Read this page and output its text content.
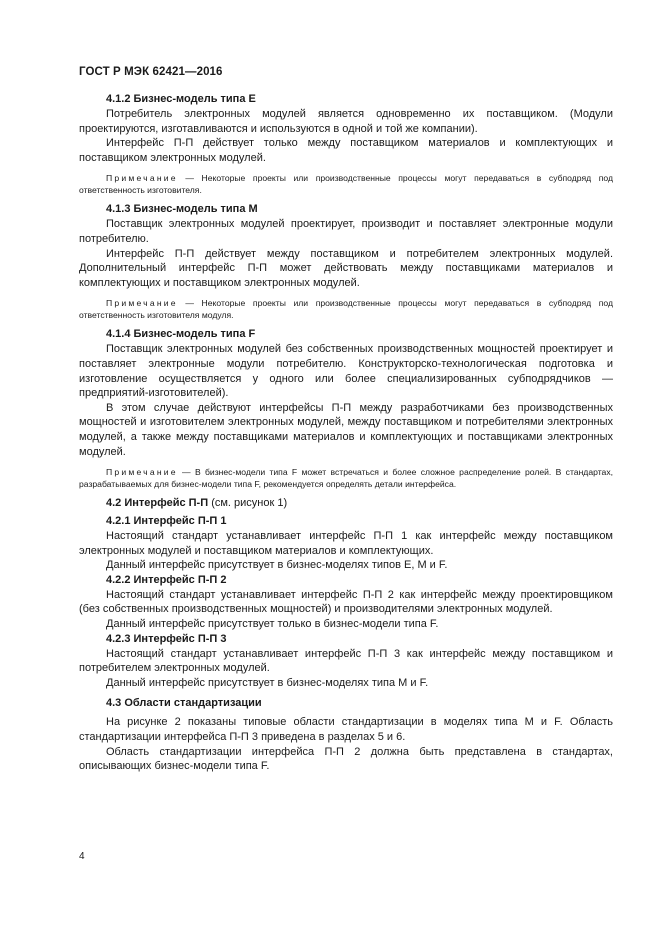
ГОСТ Р МЭК 62421—2016
4.1.2 Бизнес-модель типа Е

Потребитель электронных модулей является одновременно их поставщиком. (Модули проектируются, изготавливаются и используются в одной и той же компании).

Интерфейс П-П действует только между поставщиком материалов и комплектующих и поставщиком электронных модулей.

Примечание — Некоторые проекты или производственные процессы могут передаваться в субподряд под ответственность изготовителя.

4.1.3 Бизнес-модель типа М

Поставщик электронных модулей проектирует, производит и поставляет электронные модули потребителю.

Интерфейс П-П действует между поставщиком и потребителем электронных модулей. Дополнительный интерфейс П-П может действовать между поставщиками материалов и комплектующих и поставщиком электронных модулей.

Примечание — Некоторые проекты или производственные процессы могут передаваться в субподряд под ответственность изготовителя модуля.

4.1.4 Бизнес-модель типа F

Поставщик электронных модулей без собственных производственных мощностей проектирует и поставляет электронные модули потребителю. Конструкторско-технологическая подготовка и изготовление осуществляется у одного или более специализированных субподрядчиков — предприятий-изготовителей).

В этом случае действуют интерфейсы П-П между разработчиками без производственных мощностей и изготовителем электронных модулей, между поставщиком и потребителями электронных модулей, а также между поставщиками материалов и комплектующих и поставщиками электронных модулей.

Примечание — В бизнес-модели типа F может встречаться и более сложное распределение ролей. В стандартах, разрабатываемых для бизнес-модели типа F, рекомендуется определять детали интерфейса.

4.2 Интерфейс П-П (см. рисунок 1)
4.2.1 Интерфейс П-П 1

Настоящий стандарт устанавливает интерфейс П-П 1 как интерфейс между поставщиком электронных модулей и поставщиком материалов и комплектующих.

Данный интерфейс присутствует в бизнес-моделях типов Е, М и F.

4.2.2 Интерфейс П-П 2

Настоящий стандарт устанавливает интерфейс П-П 2 как интерфейс между проектировщиком (без собственных производственных мощностей) и производителями электронных модулей.

Данный интерфейс присутствует только в бизнес-модели типа F.

4.2.3 Интерфейс П-П 3

Настоящий стандарт устанавливает интерфейс П-П 3 как интерфейс между поставщиком и потребителем электронных модулей.

Данный интерфейс присутствует в бизнес-моделях типа М и F.

4.3 Области стандартизации

На рисунке 2 показаны типовые области стандартизации в моделях типа М и F. Область стандартизации интерфейса П-П 3 приведена в разделах 5 и 6.

Область стандартизации интерфейса П-П 2 должна быть представлена в стандартах, описывающих бизнес-модели типа F.

4
